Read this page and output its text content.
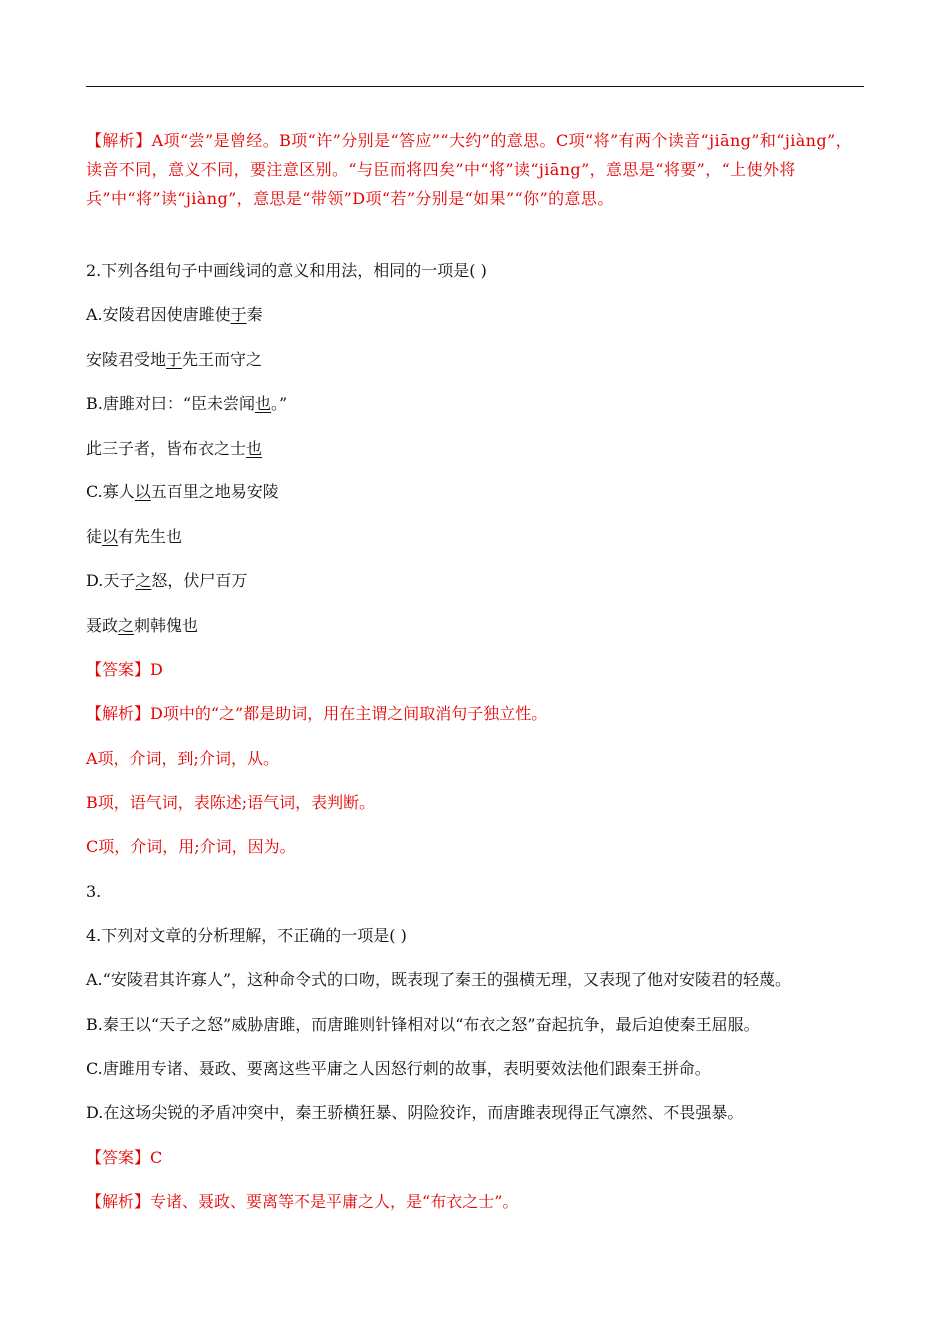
【解析】A项“尝”是曾经。B项“许”分别是“答应”“大约”的意思。C项“将”有两个读音“jiāng”和“jiàng”，读音不同，意义不同，要注意区别。“与臣而将四矣”中“将”读“jiāng”，意思是“将要”，“上使外将兵”中“将”读“jiàng”，意思是“带领”D项“若”分别是“如果”“你”的意思。

2.下列各组句子中画线词的意义和用法，相同的一项是( )

A.安陵君因使唐雎使于秦

安陵君受地于先王而守之

B.唐雎对曰：“臣未尝闻也。”

此三子者，皆布衣之士也

C.寡人以五百里之地易安陵

徒以有先生也

D.天子之怒，伏尸百万

聂政之刺韩傀也

【答案】D

【解析】D项中的“之”都是助词，用在主谓之间取消句子独立性。

A项，介词，到;介词，从。

B项，语气词，表陈述;语气词，表判断。

C项，介词，用;介词，因为。

3.

4.下列对文章的分析理解，不正确的一项是( )

A.“安陵君其许寡人”，这种命令式的口吻，既表现了秦王的强横无理，又表现了他对安陵君的轻蔑。

B.秦王以“天子之怒”威胁唐雎，而唐雎则针锋相对以“布衣之怒”奋起抗争，最后迫使秦王屈服。

C.唐雎用专诸、聂政、要离这些平庸之人因怒行刺的故事，表明要效法他们跟秦王拼命。

D.在这场尖锐的矛盾冲突中，秦王骄横狂暴、阴险狡诈，而唐雎表现得正气凛然、不畏强暴。

【答案】C

【解析】专诸、聂政、要离等不是平庸之人，是“布衣之士”。
